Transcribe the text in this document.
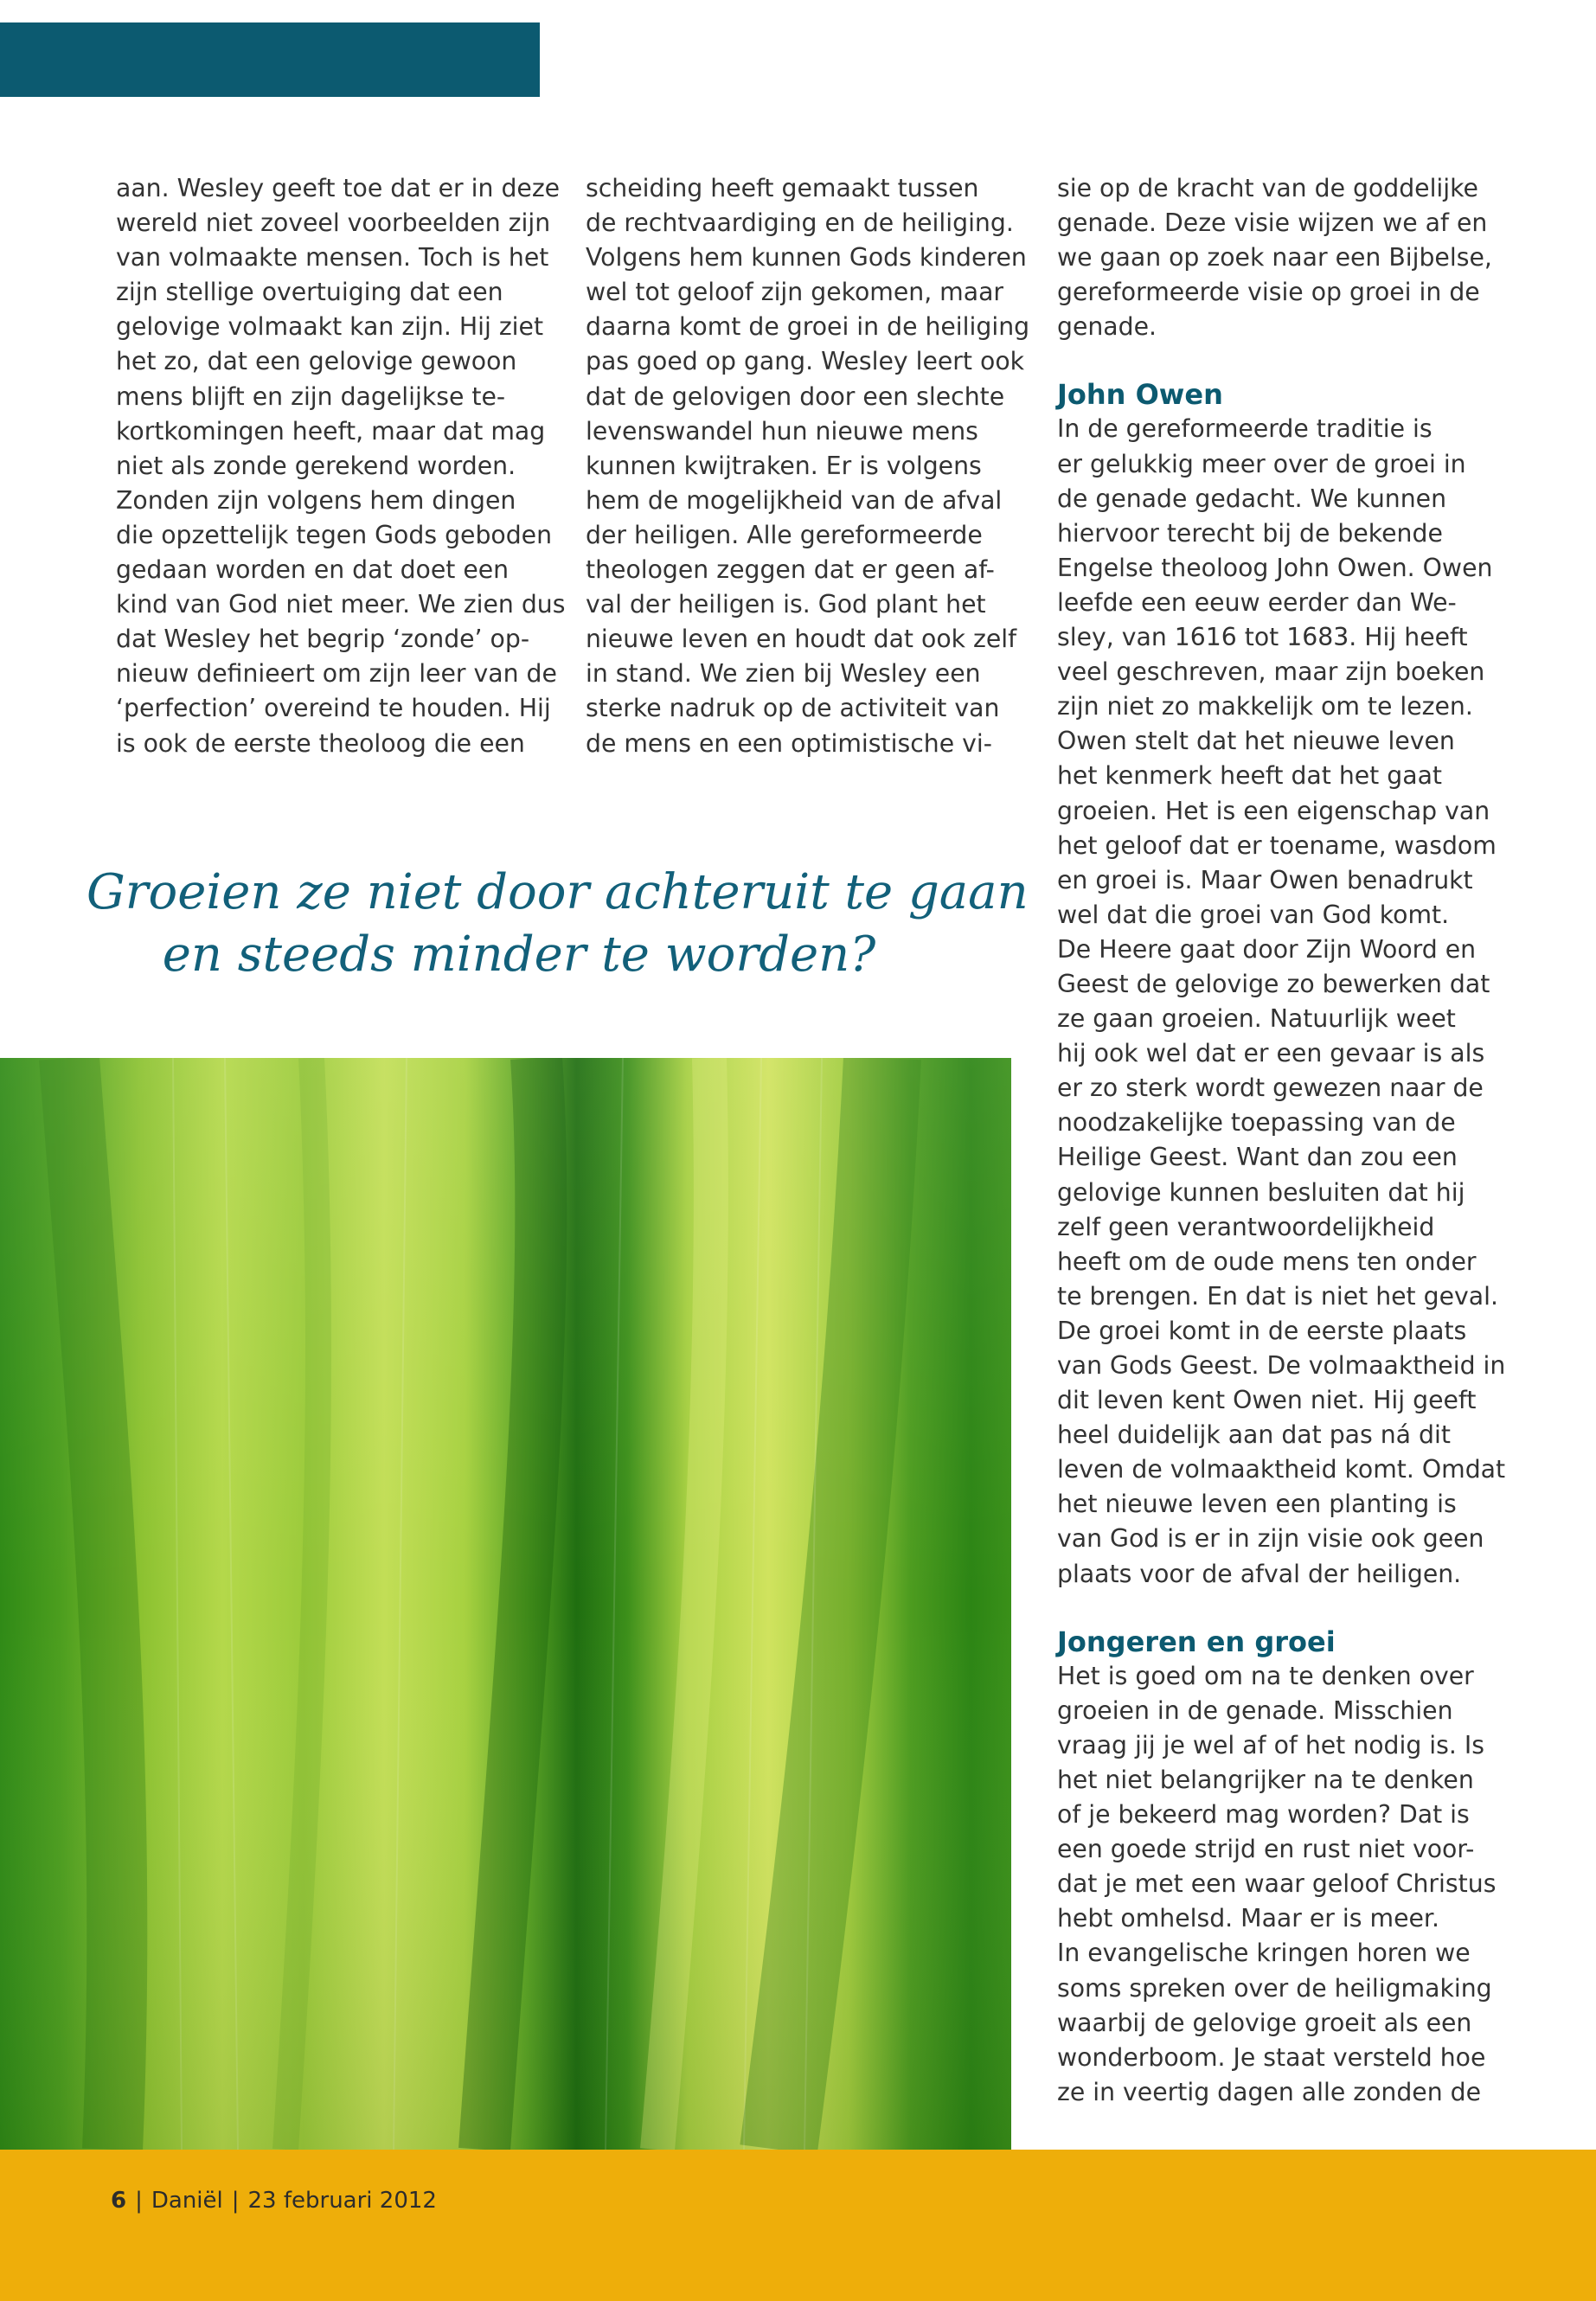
aan. Wesley geeft toe dat er in deze
wereld niet zoveel voorbeelden zijn
van volmaakte mensen. Toch is het
zijn stellige overtuiging dat een
gelovige volmaakt kan zijn. Hij ziet
het zo, dat een gelovige gewoon
mens blijft en zijn dagelijkse te-
kortkomingen heeft, maar dat mag
niet als zonde gerekend worden.
Zonden zijn volgens hem dingen
die opzettelijk tegen Gods geboden
gedaan worden en dat doet een
kind van God niet meer. We zien dus
dat Wesley het begrip ‘zonde’ op-
nieuw definieert om zijn leer van de
‘perfection’ overeind te houden. Hij
is ook de eerste theoloog die een
scheiding heeft gemaakt tussen
de rechtvaardiging en de heiliging.
Volgens hem kunnen Gods kinderen
wel tot geloof zijn gekomen, maar
daarna komt de groei in de heiliging
pas goed op gang. Wesley leert ook
dat de gelovigen door een slechte
levenswandel hun nieuwe mens
kunnen kwijtraken. Er is volgens
hem de mogelijkheid van de afval
der heiligen. Alle gereformeerde
theologen zeggen dat er geen af-
val der heiligen is. God plant het
nieuwe leven en houdt dat ook zelf
in stand. We zien bij Wesley een
sterke nadruk op de activiteit van
de mens en een optimistische vi-
sie op de kracht van de goddelijke
genade. Deze visie wijzen we af en
we gaan op zoek naar een Bijbelse,
gereformeerde visie op groei in de
genade.
John Owen
In de gereformeerde traditie is
er gelukkig meer over de groei in
de genade gedacht. We kunnen
hiervoor terecht bij de bekende
Engelse theoloog John Owen. Owen
leefde een eeuw eerder dan We-
sley, van 1616 tot 1683. Hij heeft
veel geschreven, maar zijn boeken
zijn niet zo makkelijk om te lezen.
Owen stelt dat het nieuwe leven
het kenmerk heeft dat het gaat
groeien. Het is een eigenschap van
het geloof dat er toename, wasdom
en groei is. Maar Owen benadrukt
wel dat die groei van God komt.
De Heere gaat door Zijn Woord en
Geest de gelovige zo bewerken dat
ze gaan groeien. Natuurlijk weet
hij ook wel dat er een gevaar is als
er zo sterk wordt gewezen naar de
noodzakelijke toepassing van de
Heilige Geest. Want dan zou een
gelovige kunnen besluiten dat hij
zelf geen verantwoordelijkheid
heeft om de oude mens ten onder
te brengen. En dat is niet het geval.
De groei komt in de eerste plaats
van Gods Geest. De volmaaktheid in
dit leven kent Owen niet. Hij geeft
heel duidelijk aan dat pas ná dit
leven de volmaaktheid komt. Omdat
het nieuwe leven een planting is
van God is er in zijn visie ook geen
plaats voor de afval der heiligen.
Jongeren en groei
Het is goed om na te denken over
groeien in de genade. Misschien
vraag jij je wel af of het nodig is. Is
het niet belangrijker na te denken
of je bekeerd mag worden? Dat is
een goede strijd en rust niet voor-
dat je met een waar geloof Christus
hebt omhelsd. Maar er is meer.
In evangelische kringen horen we
soms spreken over de heiligmaking
waarbij de gelovige groeit als een
wonderboom. Je staat versteld hoe
ze in veertig dagen alle zonden de
Groeien ze niet door achteruit te gaan
en steeds minder te worden?
6 | Daniël | 23 februari 2012
